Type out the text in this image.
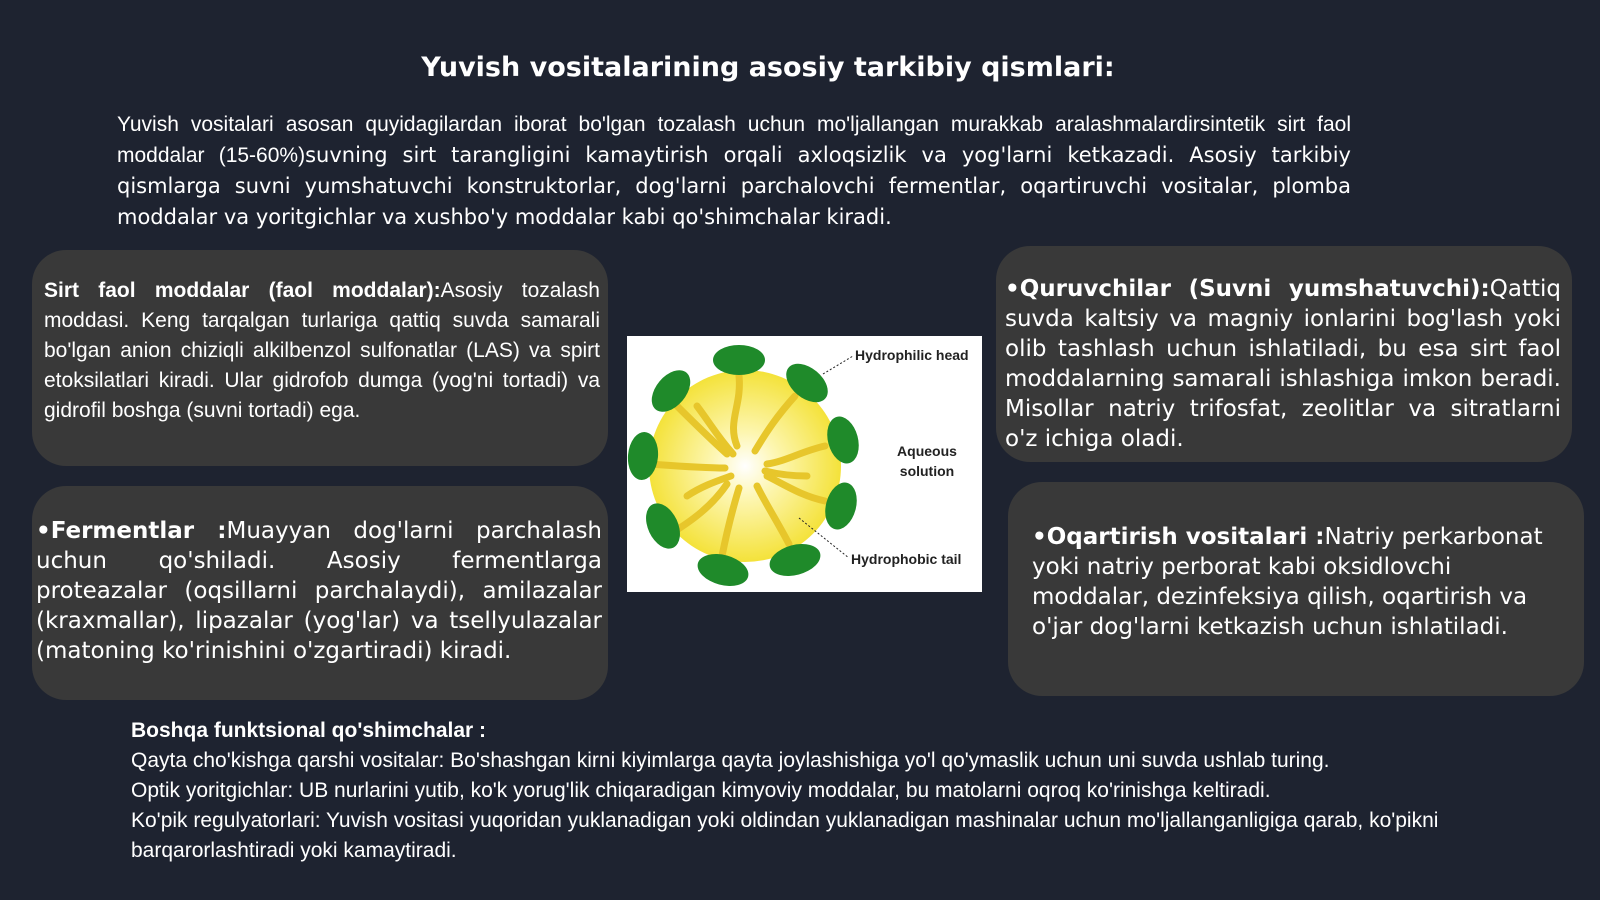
Yuvish vositalarining asosiy tarkibiy qismlari:
Yuvish vositalari asosan quyidagilardan iborat bo'lgan tozalash uchun mo'ljallangan murakkab aralashmalardirsintetik sirt faol moddalar (15-60%)suvning sirt tarangligini kamaytirish orqali axloqsizlik va yog'larni ketkazadi. Asosiy tarkibiy qismlarga suvni yumshatuvchi konstruktorlar, dog'larni parchalovchi fermentlar, oqartiruvchi vositalar, plomba moddalar va yoritgichlar va xushbo'y moddalar kabi qo'shimchalar kiradi.
Sirt faol moddalar (faol moddalar):Asosiy tozalash moddasi. Keng tarqalgan turlariga qattiq suvda samarali bo'lgan anion chiziqli alkilbenzol sulfonatlar (LAS) va spirt etoksilatlari kiradi. Ular gidrofob dumga (yog'ni tortadi) va gidrofil boshga (suvni tortadi) ega.
•Fermentlar :Muayyan dog'larni parchalash uchun qo'shiladi. Asosiy fermentlarga proteazalar (oqsillarni parchalaydi), amilazalar (kraxmallar), lipazalar (yog'lar) va tsellyulazalar (matoning ko'rinishini o'zgartiradi) kiradi.
•Quruvchilar (Suvni yumshatuvchi):Qattiq suvda kaltsiy va magniy ionlarini bog'lash yoki olib tashlash uchun ishlatiladi, bu esa sirt faol moddalarning samarali ishlashiga imkon beradi. Misollar natriy trifosfat, zeolitlar va sitratlarni o'z ichiga oladi.
•Oqartirish vositalari :Natriy perkarbonat yoki natriy perborat kabi oksidlovchi moddalar, dezinfeksiya qilish, oqartirish va o'jar dog'larni ketkazish uchun ishlatiladi.
Hydrophilic head
Aqueous
solution
Hydrophobic tail
Boshqa funktsional qo'shimchalar :
Qayta cho'kishga qarshi vositalar: Bo'shashgan kirni kiyimlarga qayta joylashishiga yo'l qo'ymaslik uchun uni suvda ushlab turing.
Optik yoritgichlar: UB nurlarini yutib, ko'k yorug'lik chiqaradigan kimyoviy moddalar, bu matolarni oqroq ko'rinishga keltiradi.
Ko'pik regulyatorlari: Yuvish vositasi yuqoridan yuklanadigan yoki oldindan yuklanadigan mashinalar uchun mo'ljallanganligiga qarab, ko'pikni barqarorlashtiradi yoki kamaytiradi.
